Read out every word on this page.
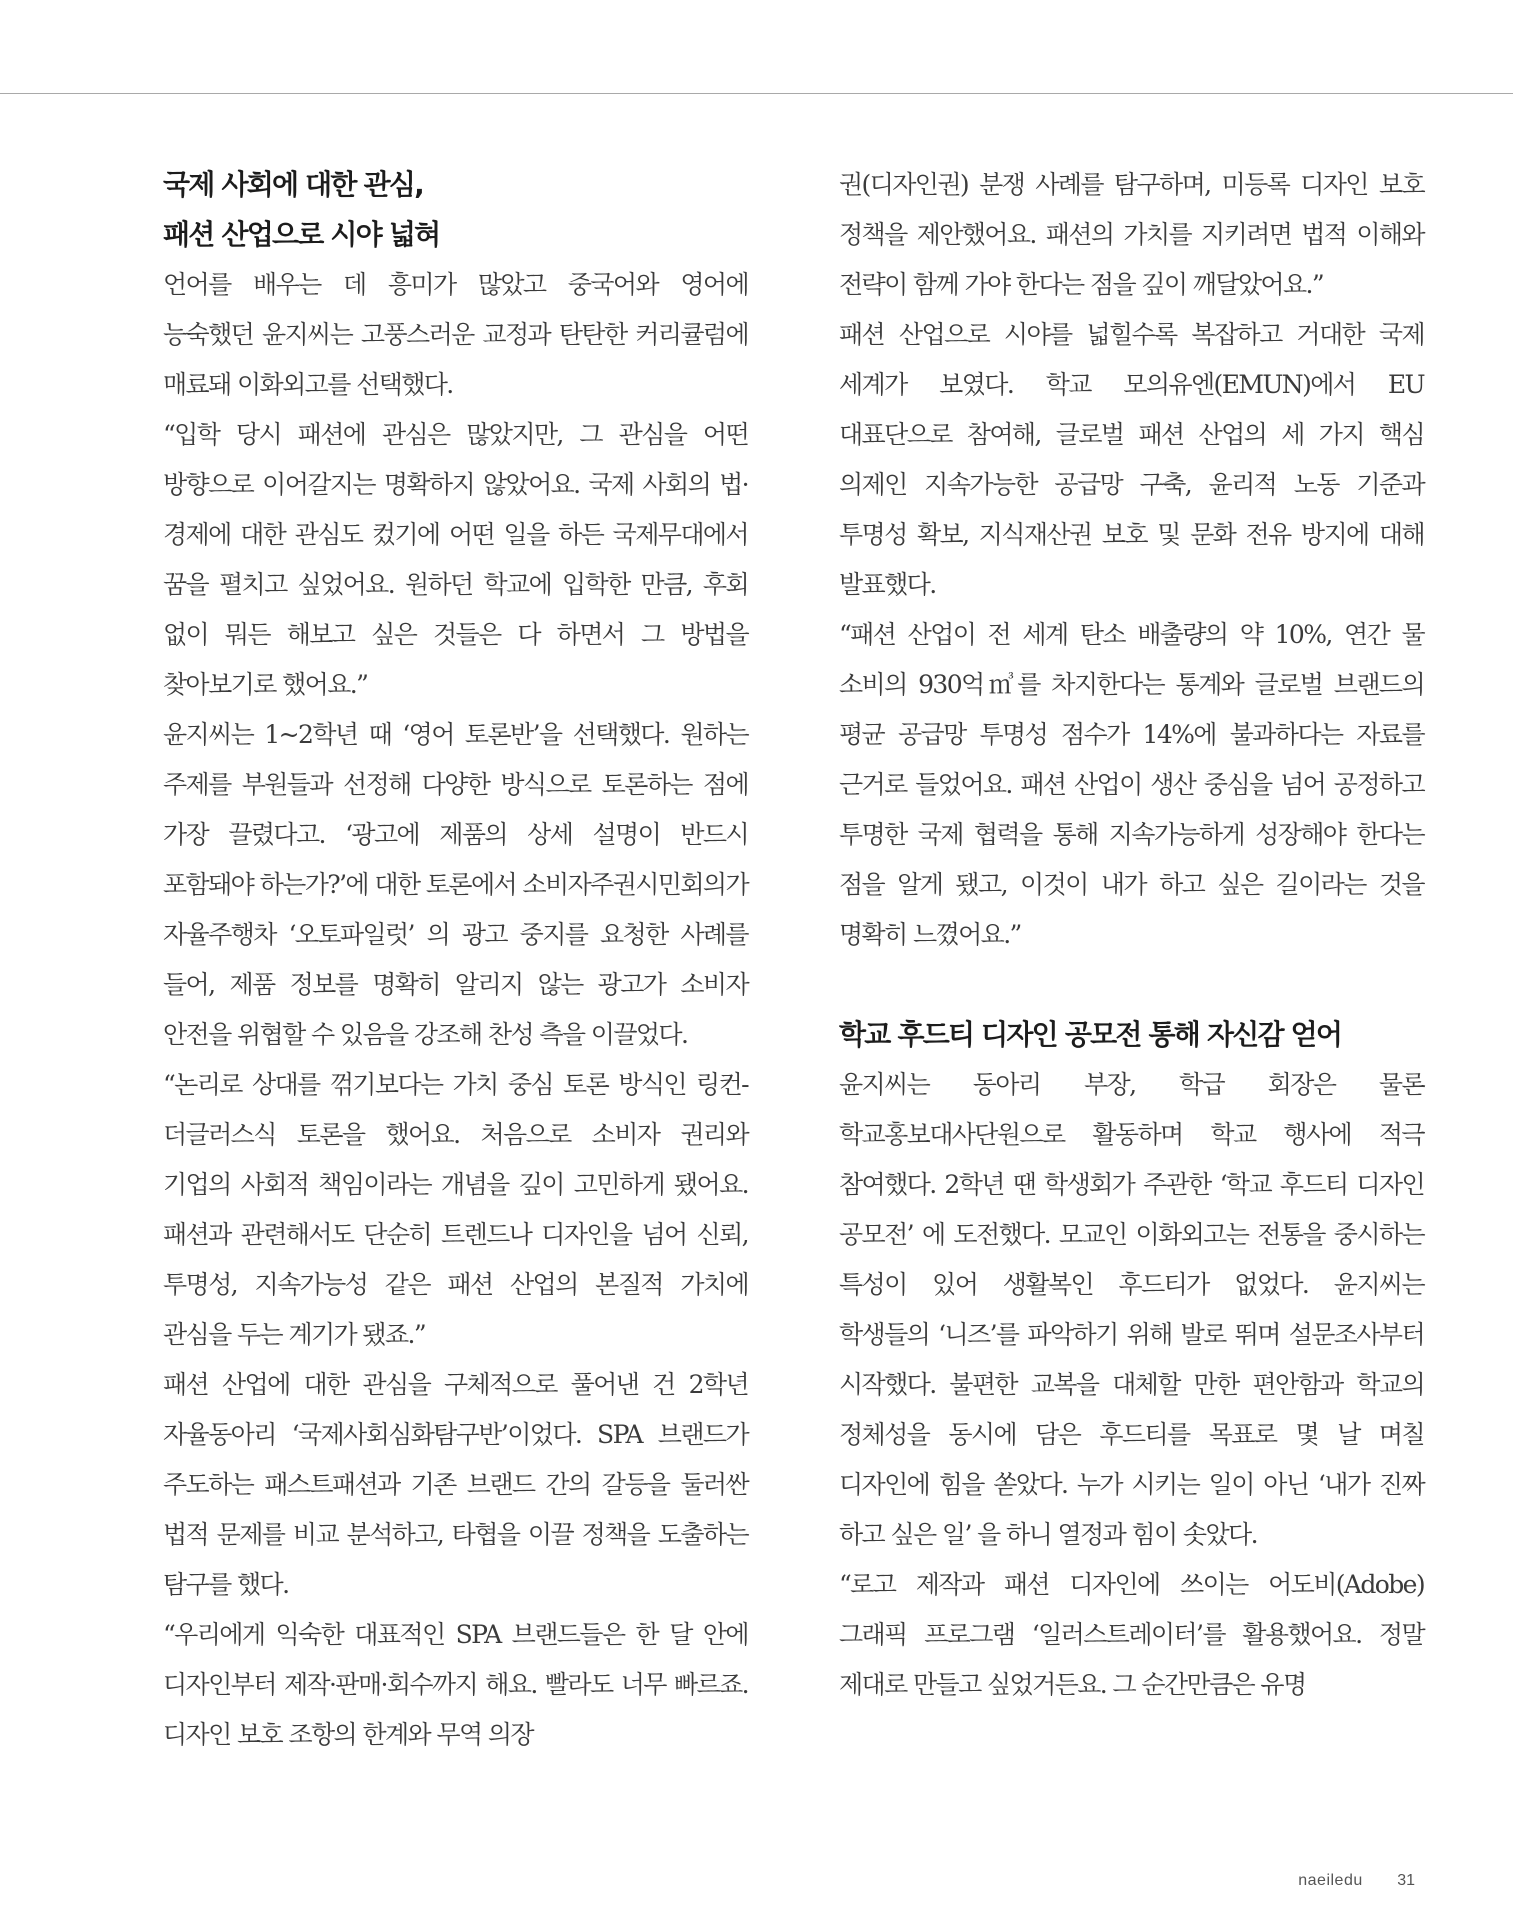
국제 사회에 대한 관심,
패션 산업으로 시야 넓혀

언어를 배우는 데 흥미가 많았고 중국어와 영어에 능숙했던 윤지씨는 고풍스러운 교정과 탄탄한 커리큘럼에 매료돼 이화외고를 선택했다.

“입학 당시 패션에 관심은 많았지만, 그 관심을 어떤 방향으로 이어갈지는 명확하지 않았어요. 국제 사회의 법·경제에 대한 관심도 컸기에 어떤 일을 하든 국제무대에서 꿈을 펼치고 싶었어요. 원하던 학교에 입학한 만큼, 후회 없이 뭐든 해보고 싶은 것들은 다 하면서 그 방법을 찾아보기로 했어요.”

윤지씨는 1~2학년 때 ‘영어 토론반’을 선택했다. 원하는 주제를 부원들과 선정해 다양한 방식으로 토론하는 점에 가장 끌렸다고. ‘광고에 제품의 상세 설명이 반드시 포함돼야 하는가?’에 대한 토론에서 소비자주권시민회의가 자율주행차 ‘오토파일럿’ 의 광고 중지를 요청한 사례를 들어, 제품 정보를 명확히 알리지 않는 광고가 소비자 안전을 위협할 수 있음을 강조해 찬성 측을 이끌었다.

“논리로 상대를 꺾기보다는 가치 중심 토론 방식인 링컨-더글러스식 토론을 했어요. 처음으로 소비자 권리와 기업의 사회적 책임이라는 개념을 깊이 고민하게 됐어요. 패션과 관련해서도 단순히 트렌드나 디자인을 넘어 신뢰, 투명성, 지속가능성 같은 패션 산업의 본질적 가치에 관심을 두는 계기가 됐죠.”

패션 산업에 대한 관심을 구체적으로 풀어낸 건 2학년 자율동아리 ‘국제사회심화탐구반’이었다. SPA 브랜드가 주도하는 패스트패션과 기존 브랜드 간의 갈등을 둘러싼 법적 문제를 비교 분석하고, 타협을 이끌 정책을 도출하는 탐구를 했다.

“우리에게 익숙한 대표적인 SPA 브랜드들은 한 달 안에 디자인부터 제작·판매·회수까지 해요. 빨라도 너무 빠르죠. 디자인 보호 조항의 한계와 무역 의장

권(디자인권) 분쟁 사례를 탐구하며, 미등록 디자인 보호 정책을 제안했어요. 패션의 가치를 지키려면 법적 이해와 전략이 함께 가야 한다는 점을 깊이 깨달았어요.”

패션 산업으로 시야를 넓힐수록 복잡하고 거대한 국제 세계가 보였다. 학교 모의유엔(EMUN)에서 EU 대표단으로 참여해, 글로벌 패션 산업의 세 가지 핵심 의제인 지속가능한 공급망 구축, 윤리적 노동 기준과 투명성 확보, 지식재산권 보호 및 문화 전유 방지에 대해 발표했다.

“패션 산업이 전 세계 탄소 배출량의 약 10%, 연간 물 소비의 930억㎥를 차지한다는 통계와 글로벌 브랜드의 평균 공급망 투명성 점수가 14%에 불과하다는 자료를 근거로 들었어요. 패션 산업이 생산 중심을 넘어 공정하고 투명한 국제 협력을 통해 지속가능하게 성장해야 한다는 점을 알게 됐고, 이것이 내가 하고 싶은 길이라는 것을 명확히 느꼈어요.”

학교 후드티 디자인 공모전 통해 자신감 얻어

윤지씨는 동아리 부장, 학급 회장은 물론 학교홍보대사단원으로 활동하며 학교 행사에 적극 참여했다. 2학년 땐 학생회가 주관한 ‘학교 후드티 디자인 공모전’ 에 도전했다. 모교인 이화외고는 전통을 중시하는 특성이 있어 생활복인 후드티가 없었다. 윤지씨는 학생들의 ‘니즈’를 파악하기 위해 발로 뛰며 설문조사부터 시작했다. 불편한 교복을 대체할 만한 편안함과 학교의 정체성을 동시에 담은 후드티를 목표로 몇 날 며칠 디자인에 힘을 쏟았다. 누가 시키는 일이 아닌 ‘내가 진짜 하고 싶은 일’ 을 하니 열정과 힘이 솟았다.

“로고 제작과 패션 디자인에 쓰이는 어도비(Adobe) 그래픽 프로그램 ‘일러스트레이터’를 활용했어요. 정말 제대로 만들고 싶었거든요. 그 순간만큼은 유명

naeiledu 31
